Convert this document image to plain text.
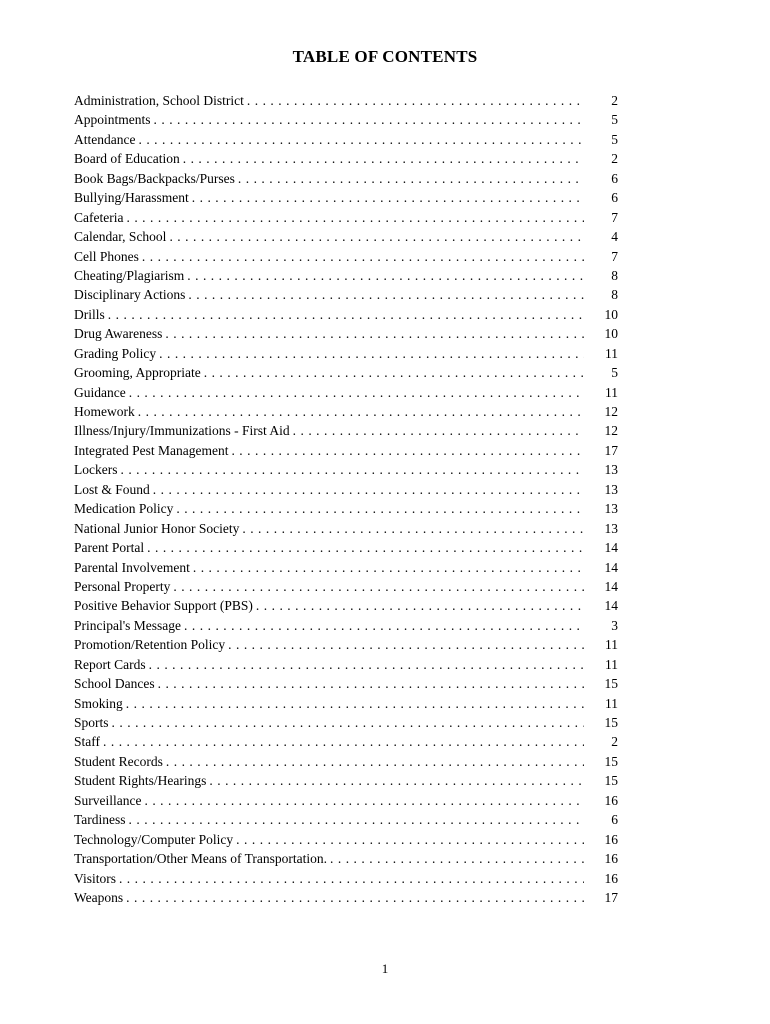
TABLE OF CONTENTS
Administration, School District . . .	2
Appointments . . .	5
Attendance . . .	5
Board of Education . . .	2
Book Bags/Backpacks/Purses . . .	6
Bullying/Harassment . . .	6
Cafeteria . . .	7
Calendar, School . . .	4
Cell Phones . . .	7
Cheating/Plagiarism . . .	8
Disciplinary Actions . . .	8
Drills . . .	10
Drug Awareness . . .	10
Grading Policy . . .	11
Grooming, Appropriate . . .	5
Guidance . . .	11
Homework . . .	12
Illness/Injury/Immunizations - First Aid . . .	12
Integrated Pest Management . . .	17
Lockers . . .	13
Lost & Found . . .	13
Medication Policy . . .	13
National Junior Honor Society . . .	13
Parent Portal . . .	14
Parental Involvement . . .	14
Personal Property . . .	14
Positive Behavior Support (PBS) . . .	14
Principal's Message . . .	3
Promotion/Retention Policy . . .	11
Report Cards . . .	11
School Dances . . .	15
Smoking . . .	11
Sports . . .	15
Staff . . .	2
Student Records . . .	15
Student Rights/Hearings . . .	15
Surveillance . . .	16
Tardiness . . .	6
Technology/Computer Policy . . .	16
Transportation/Other Means of Transportation. . . .	16
Visitors . . .	16
Weapons . . .	17
1
